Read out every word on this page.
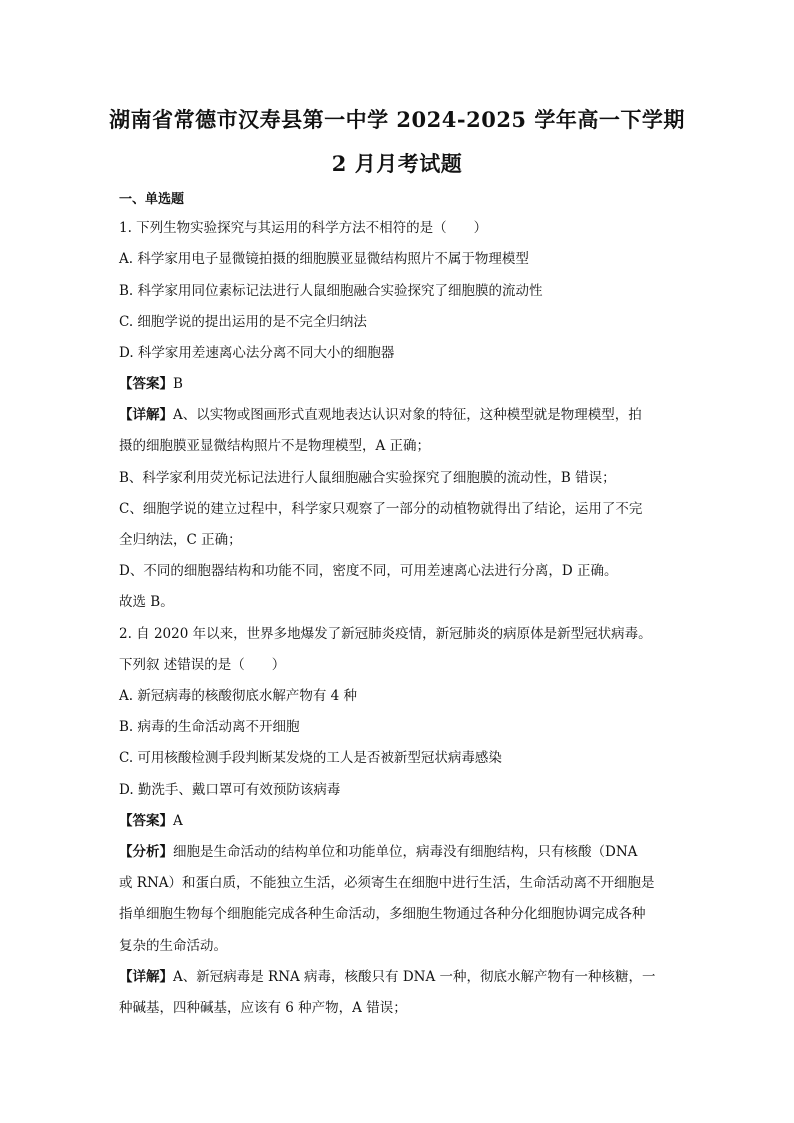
湖南省常德市汉寿县第一中学 2024-2025 学年高一下学期
2 月月考试题
一、单选题
1. 下列生物实验探究与其运用的科学方法不相符的是（　　）
A. 科学家用电子显微镜拍摄的细胞膜亚显微结构照片不属于物理模型
B. 科学家用同位素标记法进行人鼠细胞融合实验探究了细胞膜的流动性
C. 细胞学说的提出运用的是不完全归纳法
D. 科学家用差速离心法分离不同大小的细胞器
【答案】B
【详解】A、以实物或图画形式直观地表达认识对象的特征，这种模型就是物理模型，拍
摄的细胞膜亚显微结构照片不是物理模型，A 正确；
B、科学家利用荧光标记法进行人鼠细胞融合实验探究了细胞膜的流动性，B 错误；
C、细胞学说的建立过程中，科学家只观察了一部分的动植物就得出了结论，运用了不完
全归纳法，C 正确；
D、不同的细胞器结构和功能不同，密度不同，可用差速离心法进行分离，D 正确。
故选 B。
2. 自 2020 年以来，世界多地爆发了新冠肺炎疫情，新冠肺炎的病原体是新型冠状病毒。
下列叙 述错误的是（　　）
A. 新冠病毒的核酸彻底水解产物有 4 种
B. 病毒的生命活动离不开细胞
C. 可用核酸检测手段判断某发烧的工人是否被新型冠状病毒感染
D. 勤洗手、戴口罩可有效预防该病毒
【答案】A
【分析】细胞是生命活动的结构单位和功能单位，病毒没有细胞结构，只有核酸（DNA
或 RNA）和蛋白质，不能独立生活，必须寄生在细胞中进行生活，生命活动离不开细胞是
指单细胞生物每个细胞能完成各种生命活动，多细胞生物通过各种分化细胞协调完成各种
复杂的生命活动。
【详解】A、新冠病毒是 RNA 病毒，核酸只有 DNA 一种，彻底水解产物有一种核糖，一
种碱基，四种碱基，应该有 6 种产物，A 错误；
